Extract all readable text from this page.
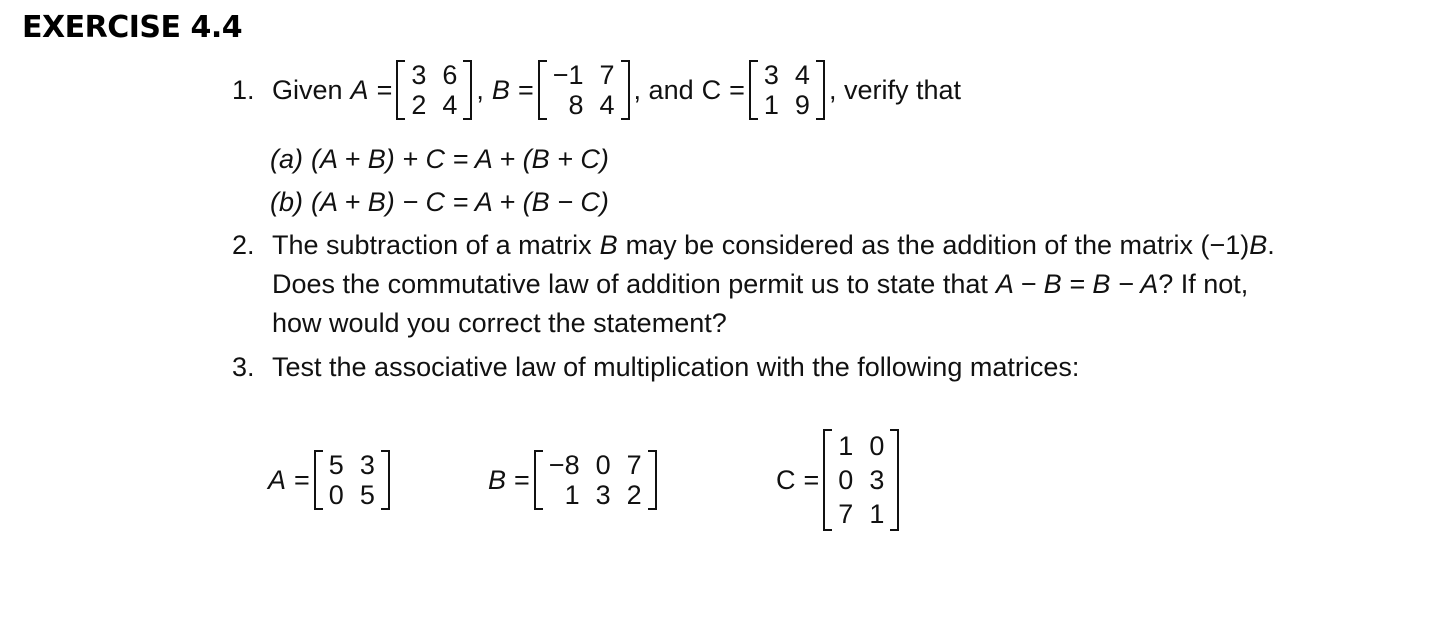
EXERCISE 4.4
1. Given A = 3 6
2 4
, B = −1 7
8 4
, and C = 3 4
1 9
, verify that
(a) (A + B) + C = A + (B + C)
(b) (A + B) − C = A + (B − C)
2. The subtraction of a matrix B may be considered as the addition of the matrix (−1) B .
Does the commutative law of addition permit us to state that A − B = B − A ? If not,
how would you correct the statement?
3. Test the associative law of multiplication with the following matrices:
A = 5 3
0 5
B = −8 0 7
1 3 2
C =
1 0
0 3
7 1
